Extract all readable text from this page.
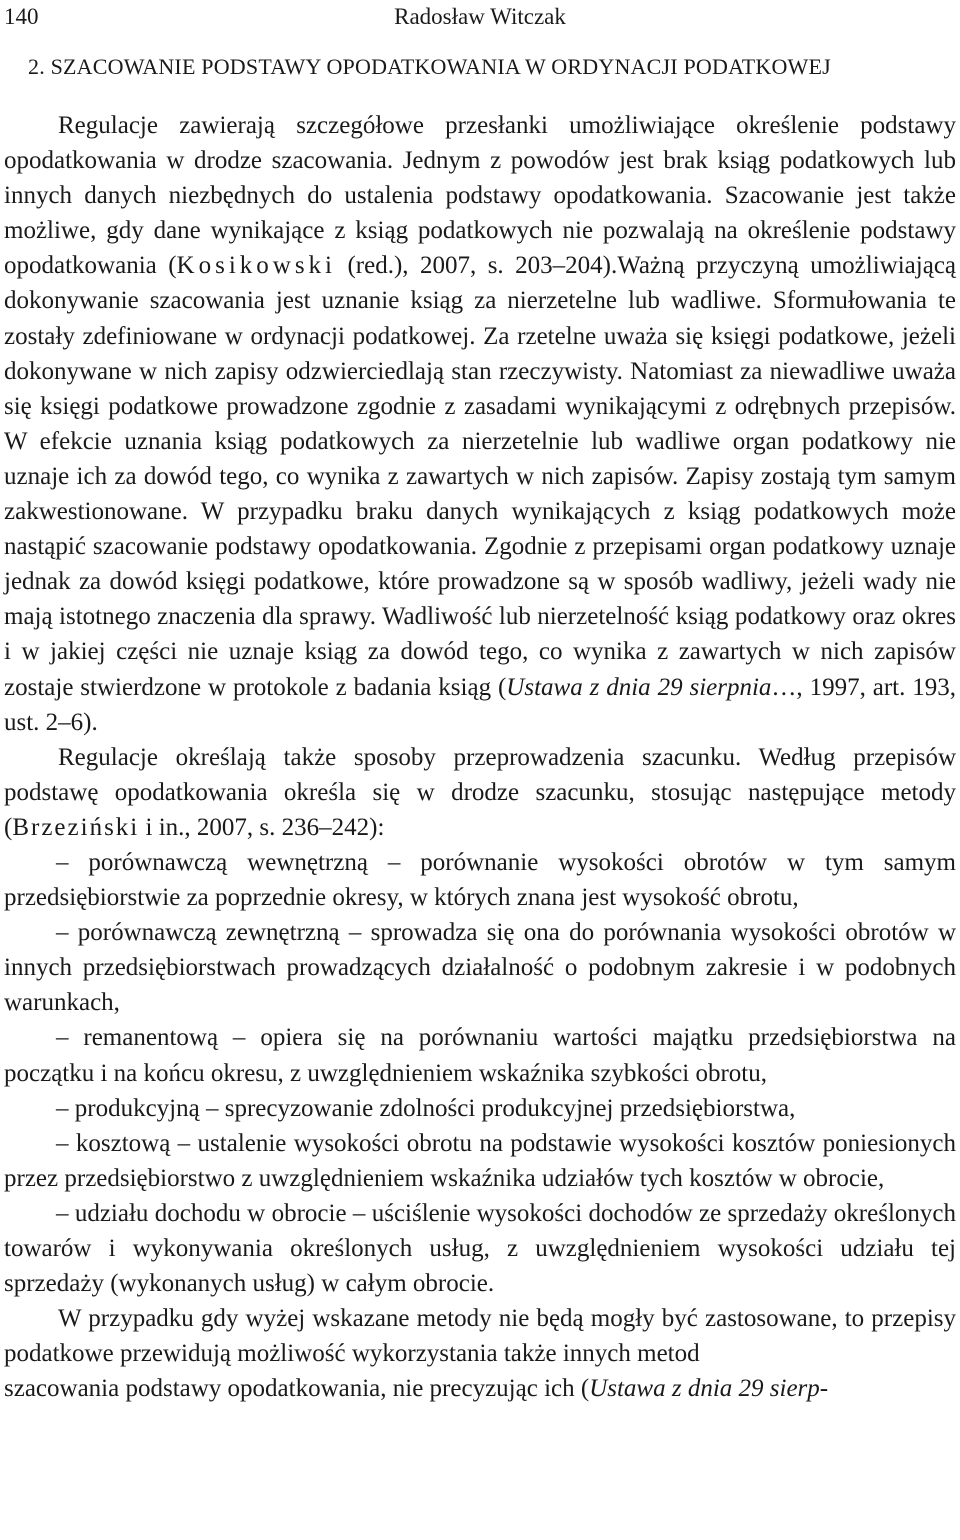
140	Radosław Witczak
2. SZACOWANIE PODSTAWY OPODATKOWANIA W ORDYNACJI PODATKOWEJ

Regulacje zawierają szczegółowe przesłanki umożliwiające określenie podstawy opodatkowania w drodze szacowania. Jednym z powodów jest brak ksiąg podatkowych lub innych danych niezbędnych do ustalenia podstawy opodatkowania. Szacowanie jest także możliwe, gdy dane wynikające z ksiąg podatkowych nie pozwalają na określenie podstawy opodatkowania (Kosikowski (red.), 2007, s. 203–204).Ważną przyczyną umożliwiającą dokonywanie szacowania jest uznanie ksiąg za nierzetelne lub wadliwe. Sformułowania te zostały zdefiniowane w ordynacji podatkowej. Za rzetelne uważa się księgi podatkowe, jeżeli dokonywane w nich zapisy odzwierciedlają stan rzeczywisty. Natomiast za niewadliwe uważa się księgi podatkowe prowadzone zgodnie z zasadami wynikającymi z odrębnych przepisów. W efekcie uznania ksiąg podatkowych za nierzetelnie lub wadliwe organ podatkowy nie uznaje ich za dowód tego, co wynika z zawartych w nich zapisów. Zapisy zostają tym samym zakwestionowane. W przypadku braku danych wynikających z ksiąg podatkowych może nastąpić szacowanie podstawy opodatkowania. Zgodnie z przepisami organ podatkowy uznaje jednak za dowód księgi podatkowe, które prowadzone są w sposób wadliwy, jeżeli wady nie mają istotnego znaczenia dla sprawy. Wadliwość lub nierzetelność ksiąg podatkowy oraz okres i w jakiej części nie uznaje ksiąg za dowód tego, co wynika z zawartych w nich zapisów zostaje stwierdzone w protokole z badania ksiąg (Ustawa z dnia 29 sierpnia…, 1997, art. 193, ust. 2–6).

Regulacje określają także sposoby przeprowadzenia szacunku. Według przepisów podstawę opodatkowania określa się w drodze szacunku, stosując następujące metody (Brzeziński i in., 2007, s. 236–242):

– porównawczą wewnętrzną – porównanie wysokości obrotów w tym samym przedsiębiorstwie za poprzednie okresy, w których znana jest wysokość obrotu,

– porównawczą zewnętrzną – sprowadza się ona do porównania wysokości obrotów w innych przedsiębiorstwach prowadzących działalność o podobnym zakresie i w podobnych warunkach,

– remanentową – opiera się na porównaniu wartości majątku przedsiębiorstwa na początku i na końcu okresu, z uwzględnieniem wskaźnika szybkości obrotu,

– produkcyjną – sprecyzowanie zdolności produkcyjnej przedsiębiorstwa,

– kosztową – ustalenie wysokości obrotu na podstawie wysokości kosztów poniesionych przez przedsiębiorstwo z uwzględnieniem wskaźnika udziałów tych kosztów w obrocie,

– udziału dochodu w obrocie – uściślenie wysokości dochodów ze sprzedaży określonych towarów i wykonywania określonych usług, z uwzględnieniem wysokości udziału tej sprzedaży (wykonanych usług) w całym obrocie.

W przypadku gdy wyżej wskazane metody nie będą mogły być zastosowane, to przepisy podatkowe przewidują możliwość wykorzystania także innych metod

szacowania podstawy opodatkowania, nie precyzując ich (Ustawa z dnia 29 sierp-
